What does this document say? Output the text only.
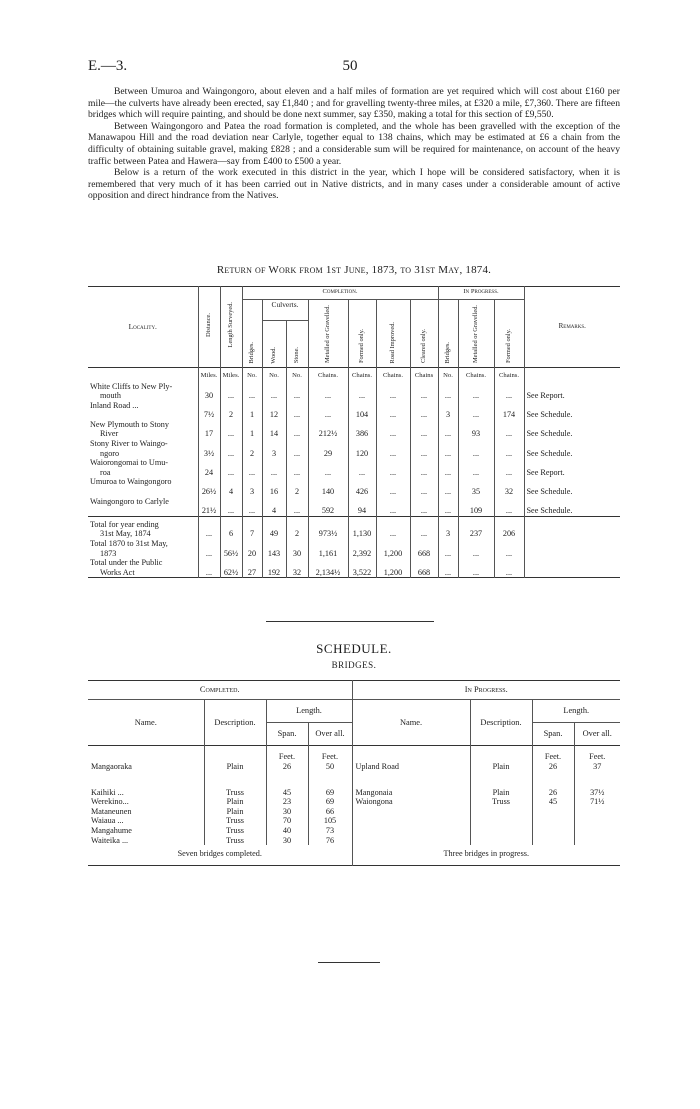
E.—3.	50

Between Umuroa and Waingongoro, about eleven and a half miles of formation are yet required which will cost about £160 per mile—the culverts have already been erected, say £1,840 ; and for gravelling twenty-three miles, at £320 a mile, £7,360. There are fifteen bridges which will require painting, and should be done next summer, say £350, making a total for this section of £9,550.

Between Waingongoro and Patea the road formation is completed, and the whole has been gravelled with the exception of the Manawapou Hill and the road deviation near Carlyle, together equal to 138 chains, which may be estimated at £6 a chain from the difficulty of obtaining suitable gravel, making £828 ; and a considerable sum will be required for maintenance, on account of the heavy traffic between Patea and Hawera—say from £400 to £500 a year.

Below is a return of the work executed in this district in the year, which I hope will be considered satisfactory, when it is remembered that very much of it has been carried out in Native districts, and in many cases under a considerable amount of active opposition and direct hindrance from the Natives.

Return of Work from 1st June, 1873, to 31st May, 1874.
Locality.	Distance.	Length Surveyed.	Completion.							In Progress.			Remarks.
			Bridges.	Culverts.		Metalled or Gravelled.	Formed only.	Road Improved.	Cleared only.	Bridges.	Metalled or Gravelled.	Formed only.	
				Wood.	Stone.								
	Miles.	Miles.	No.	No.	No.	Chains.	Chains.	Chains.	Chains	No.	Chains.	Chains.	
White Cliffs to New Ply-
mouth	30	...	...	...	...	...	...	...	...	...	...	...	See Report.
Inland Road ...	7½	2	1	12	...	...	104	...	...	3	...	174	See Schedule.
New Plymouth to Stony
River	17	...	1	14	...	212½	386	...	...	...	93	...	See Schedule.
Stony River to Waingo-
ngoro	3½	...	2	3	...	29	120	...	...	...	...	...	See Schedule.
Waiorongomai to Umu-
roa	24	...	...	...	...	...	...	...	...	...	...	...	See Report.
Umuroa to Waingongoro	26½	4	3	16	2	140	426	...	...	...	35	32	See Schedule.
Waingongoro to Carlyle	21½	...	...	4	...	592	94	...	...	...	109	...	See Schedule.
Total for year ending
31st May, 1874	...	6	7	49	2	973½	1,130	...	...	3	237	206	
Total 1870 to 31st May,
1873	...	56½	20	143	30	1,161	2,392	1,200	668	...	...	...	
Total under the Public
Works Act	...	62½	27	192	32	2,134½	3,522	1,200	668	...	...	...	
SCHEDULE.
BRIDGES.
Completed.				In Progress.			
Name.	Description.	Length.		Name.	Description.	Length.	
		Span.	Over all.			Span.	Over all.
		Feet.	Feet.			Feet.	Feet.
Mangaoraka	Plain	26	50	Upland Road	Plain	26	37
Kaihiki ...	Truss	45	69	Mangonaia	Plain	26	37½
Werekino...	Plain	23	69	Waiongona	Truss	45	71½
Mataneunen	Plain	30	66				
Waiaua ...	Truss	70	105				
Mangahume	Truss	40	73				
Waiteika ...	Truss	30	76				
Seven bridges completed.				Three bridges in progress.			
